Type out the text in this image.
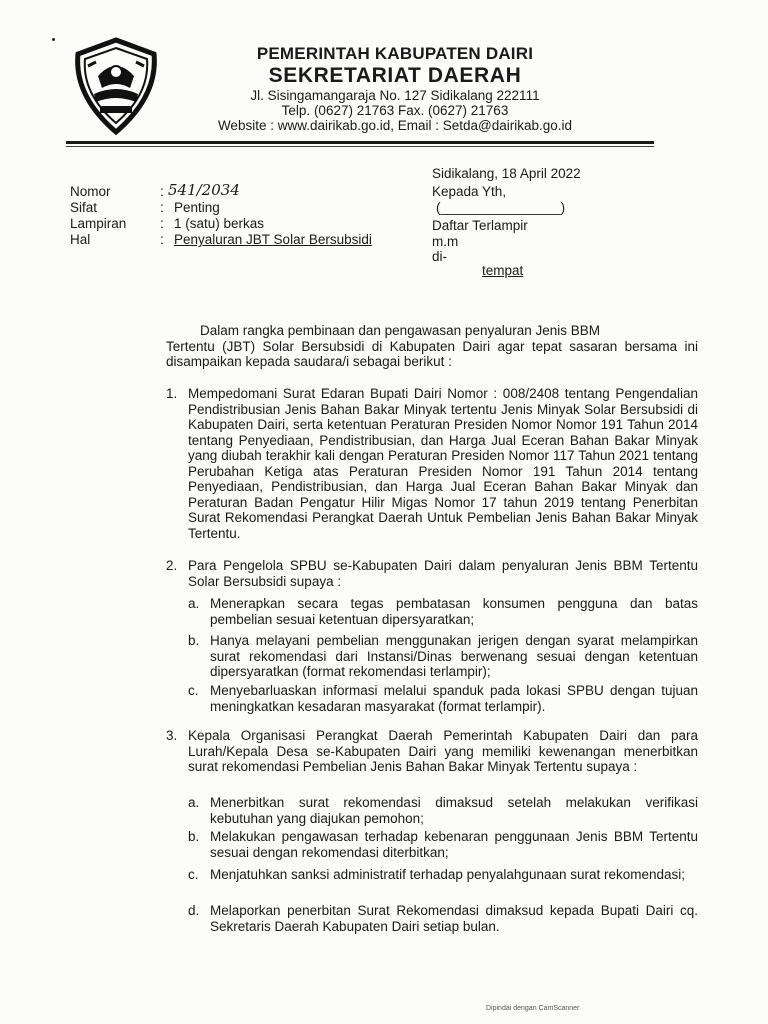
PEMERINTAH KABUPATEN DAIRI
SEKRETARIAT DAERAH
Jl. Sisingamangaraja No. 127 Sidikalang 222111
Telp. (0627) 21763 Fax. (0627) 21763
Website : www.dairikab.go.id, Email : Setda@dairikab.go.id
Nomor	: 541/2034
Sifat	: Penting
Lampiran : 1 (satu) berkas
Hal	: Penyaluran JBT Solar Bersubsidi
Sidikalang, 18 April 2022
Kepada Yth,
(________________)
Daftar Terlampir
m.m
di-
tempat
Dalam rangka pembinaan dan pengawasan penyaluran Jenis BBM
Tertentu (JBT) Solar Bersubsidi di Kabupaten Dairi agar tepat sasaran bersama ini disampaikan kepada saudara/i sebagai berikut :
1. Mempedomani Surat Edaran Bupati Dairi Nomor : 008/2408 tentang Pengendalian Pendistribusian Jenis Bahan Bakar Minyak tertentu Jenis Minyak Solar Bersubsidi di Kabupaten Dairi, serta ketentuan Peraturan Presiden Nomor Nomor 191 Tahun 2014 tentang Penyediaan, Pendistribusian, dan Harga Jual Eceran Bahan Bakar Minyak yang diubah terakhir kali dengan Peraturan Presiden Nomor 117 Tahun 2021 tentang Perubahan Ketiga atas Peraturan Presiden Nomor 191 Tahun 2014 tentang Penyediaan, Pendistribusian, dan Harga Jual Eceran Bahan Bakar Minyak dan Peraturan Badan Pengatur Hilir Migas Nomor 17 tahun 2019 tentang Penerbitan Surat Rekomendasi Perangkat Daerah Untuk Pembelian Jenis Bahan Bakar Minyak Tertentu.
2. Para Pengelola SPBU se-Kabupaten Dairi dalam penyaluran Jenis BBM Tertentu Solar Bersubsidi supaya :
a. Menerapkan secara tegas pembatasan konsumen pengguna dan batas pembelian sesuai ketentuan dipersyaratkan;
b. Hanya melayani pembelian menggunakan jerigen dengan syarat melampirkan surat rekomendasi dari Instansi/Dinas berwenang sesuai dengan ketentuan dipersyaratkan (format rekomendasi terlampir);
c. Menyebarluaskan informasi melalui spanduk pada lokasi SPBU dengan tujuan meningkatkan kesadaran masyarakat (format terlampir).
3. Kepala Organisasi Perangkat Daerah Pemerintah Kabupaten Dairi dan para Lurah/Kepala Desa se-Kabupaten Dairi yang memiliki kewenangan menerbitkan surat rekomendasi Pembelian Jenis Bahan Bakar Minyak Tertentu supaya :
a. Menerbitkan surat rekomendasi dimaksud setelah melakukan verifikasi kebutuhan yang diajukan pemohon;
b. Melakukan pengawasan terhadap kebenaran penggunaan Jenis BBM Tertentu sesuai dengan rekomendasi diterbitkan;
c. Menjatuhkan sanksi administratif terhadap penyalahgunaan surat rekomendasi;
d. Melaporkan penerbitan Surat Rekomendasi dimaksud kepada Bupati Dairi cq. Sekretaris Daerah Kabupaten Dairi setiap bulan.
Dipindai dengan CamScanner
